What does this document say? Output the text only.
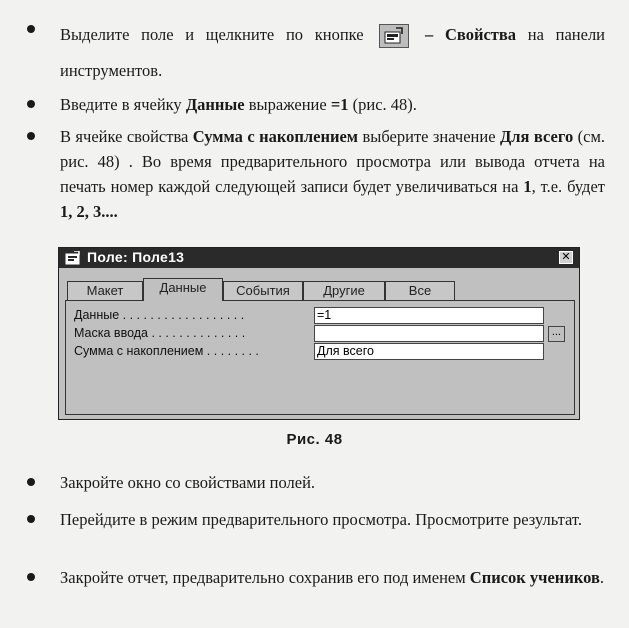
Выделите поле и щелкните по кнопке
– Свойства на панели инструментов.
Введите в ячейку Данные выражение =1 (рис. 48).
В ячейке свойства Сумма с накоплением выберите значение Для всего (см. рис. 48) . Во время предварительного просмотра или вывода отчета на печать номер каждой следующей записи будет увеличиваться на 1, т.е. будет 1, 2, 3....
Поле: Поле13	✕
Макет	Данные	События	Другие	Все
Данные . . . . . . . . . . . . . . . . . .	=1
Маска ввода . . . . . . . . . . . . . .	...
Сумма с накоплением . . . . . . . .	Для всего
Рис. 48
Закройте окно со свойствами полей.
Перейдите в режим предварительного просмотра. Просмотрите результат.
Закройте отчет, предварительно сохранив его под именем Список учеников.
